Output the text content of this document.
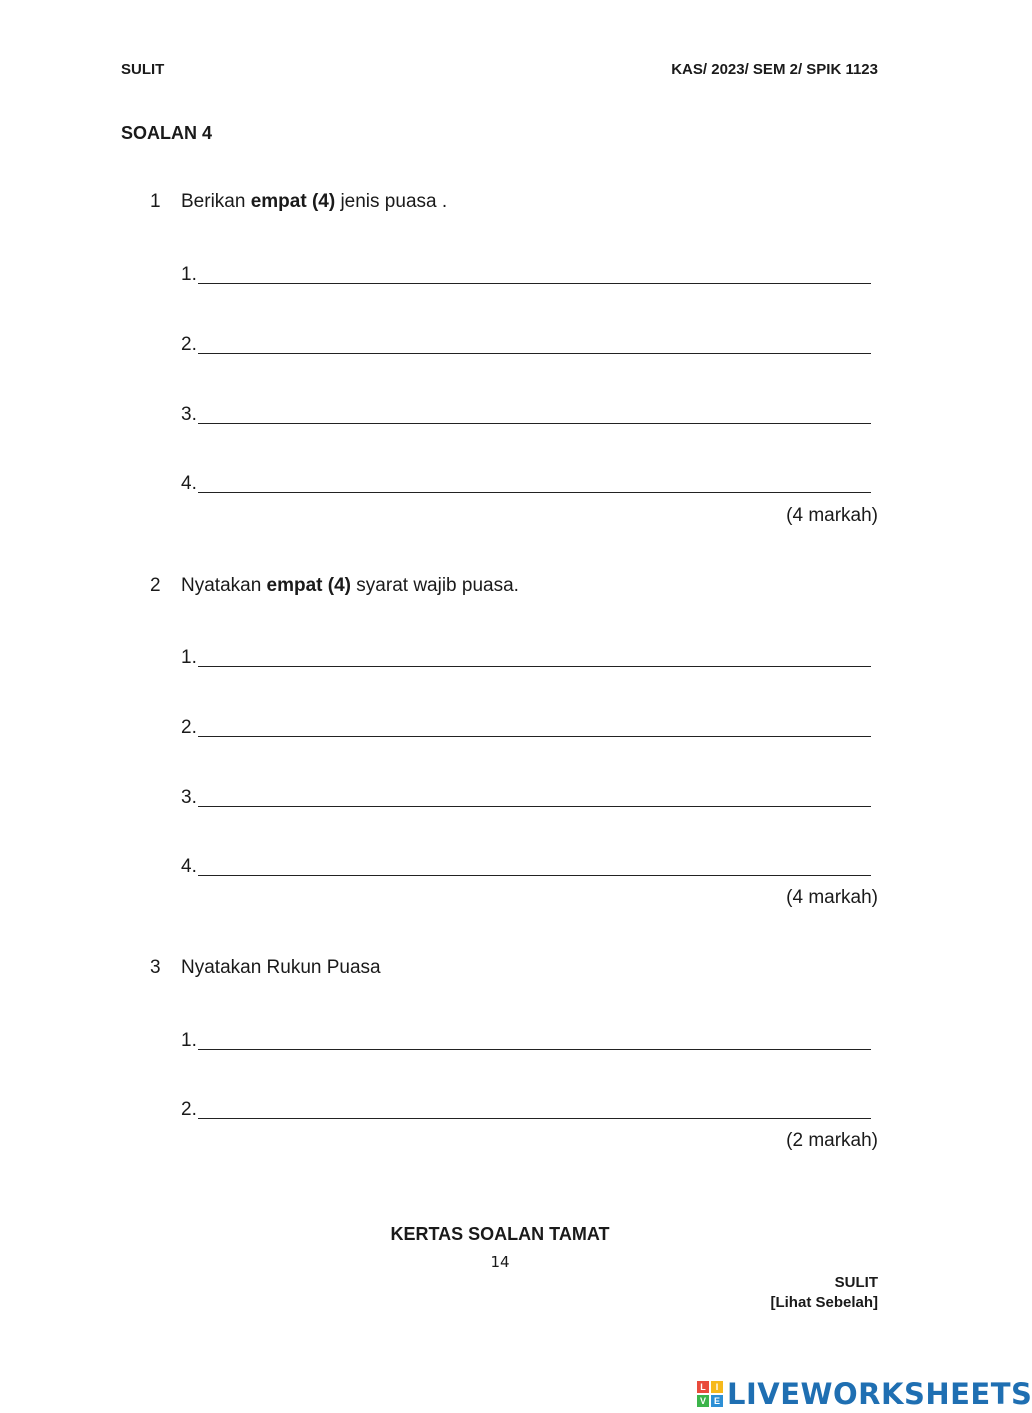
SULIT	KAS/ 2023/ SEM 2/ SPIK 1123
SOALAN 4
1 Berikan empat (4) jenis puasa .
1.
2.
3.
4.
(4 markah)
2 Nyatakan empat (4) syarat wajib puasa.
1.
2.
3.
4.
(4 markah)
3 Nyatakan Rukun Puasa
1.
2.
(2 markah)
KERTAS SOALAN TAMAT
14
SULIT
[Lihat Sebelah]
L	I
V E LIVEWORKSHEETS
